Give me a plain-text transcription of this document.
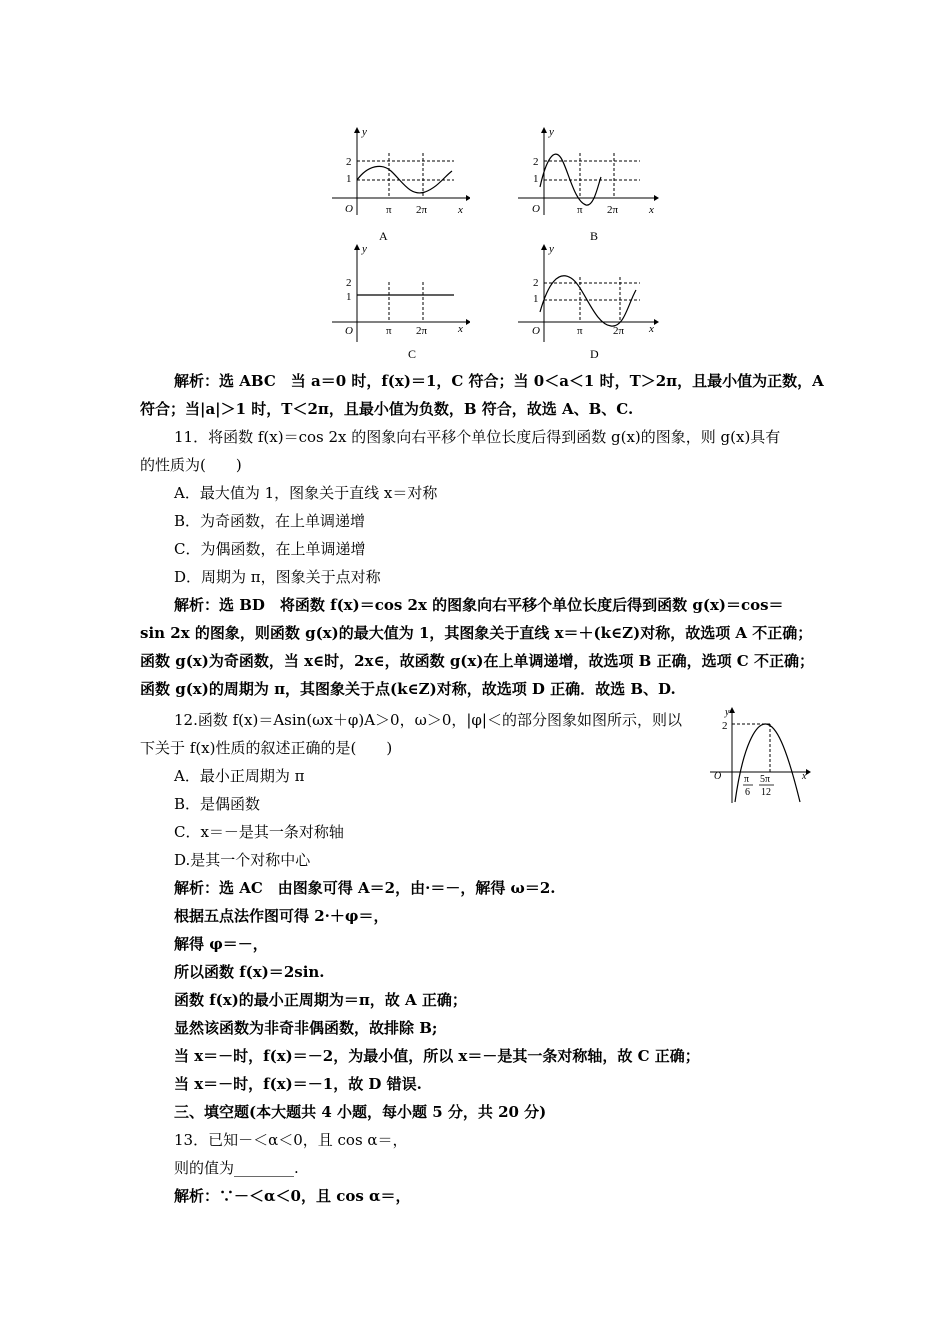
y
x
O
2
1
π 2π
A
y
x
O
2
1
π 2π
B
y
x
O
2
1
π 2π
C
y
x
O
2
1
π	2π
D
y
x
O
2
π
6
5π
12
解析：选 ABC　当 a＝0 时，f(x)＝1，C 符合；当 0＜a＜1 时，T＞2π，且最小值为正数，A
符合；当|a|＞1 时，T＜2π，且最小值为负数，B 符合，故选 A、B、C.
11．将函数 f(x)＝cos 2x 的图象向右平移个单位长度后得到函数 g(x)的图象，则 g(x)具有
的性质为(　　)
A．最大值为 1，图象关于直线 x＝对称
B．为奇函数，在上单调递增
C．为偶函数，在上单调递增
D．周期为 π，图象关于点对称
解析：选 BD　将函数 f(x)＝cos 2x 的图象向右平移个单位长度后得到函数 g(x)＝cos＝
sin 2x 的图象，则函数 g(x)的最大值为 1，其图象关于直线 x＝＋(k∈Z)对称，故选项 A 不正确；
函数 g(x)为奇函数，当 x∈时，2x∈，故函数 g(x)在上单调递增，故选项 B 正确，选项 C 不正确；
函数 g(x)的周期为 π，其图象关于点(k∈Z)对称，故选项 D 正确．故选 B、D.
12.函数 f(x)＝Asin(ωx＋φ)A＞0，ω＞0，|φ|＜的部分图象如图所示，则以
下关于 f(x)性质的叙述正确的是(　　)
A．最小正周期为 π
B．是偶函数
C．x＝－是其一条对称轴
D.是其一个对称中心
解析：选 AC　由图象可得 A＝2，由·＝－，解得 ω＝2.
根据五点法作图可得 2·＋φ＝，
解得 φ＝－，
所以函数 f(x)＝2sin.
函数 f(x)的最小正周期为＝π，故 A 正确；
显然该函数为非奇非偶函数，故排除 B;
当 x＝－时，f(x)＝－2，为最小值，所以 x＝－是其一条对称轴，故 C 正确；
当 x＝－时，f(x)＝－1，故 D 错误.
三、填空题(本大题共 4 小题，每小题 5 分，共 20 分)
13．已知－＜α＜0，且 cos α＝，
则的值为________.
解析：∵－＜α＜0，且 cos α＝，
